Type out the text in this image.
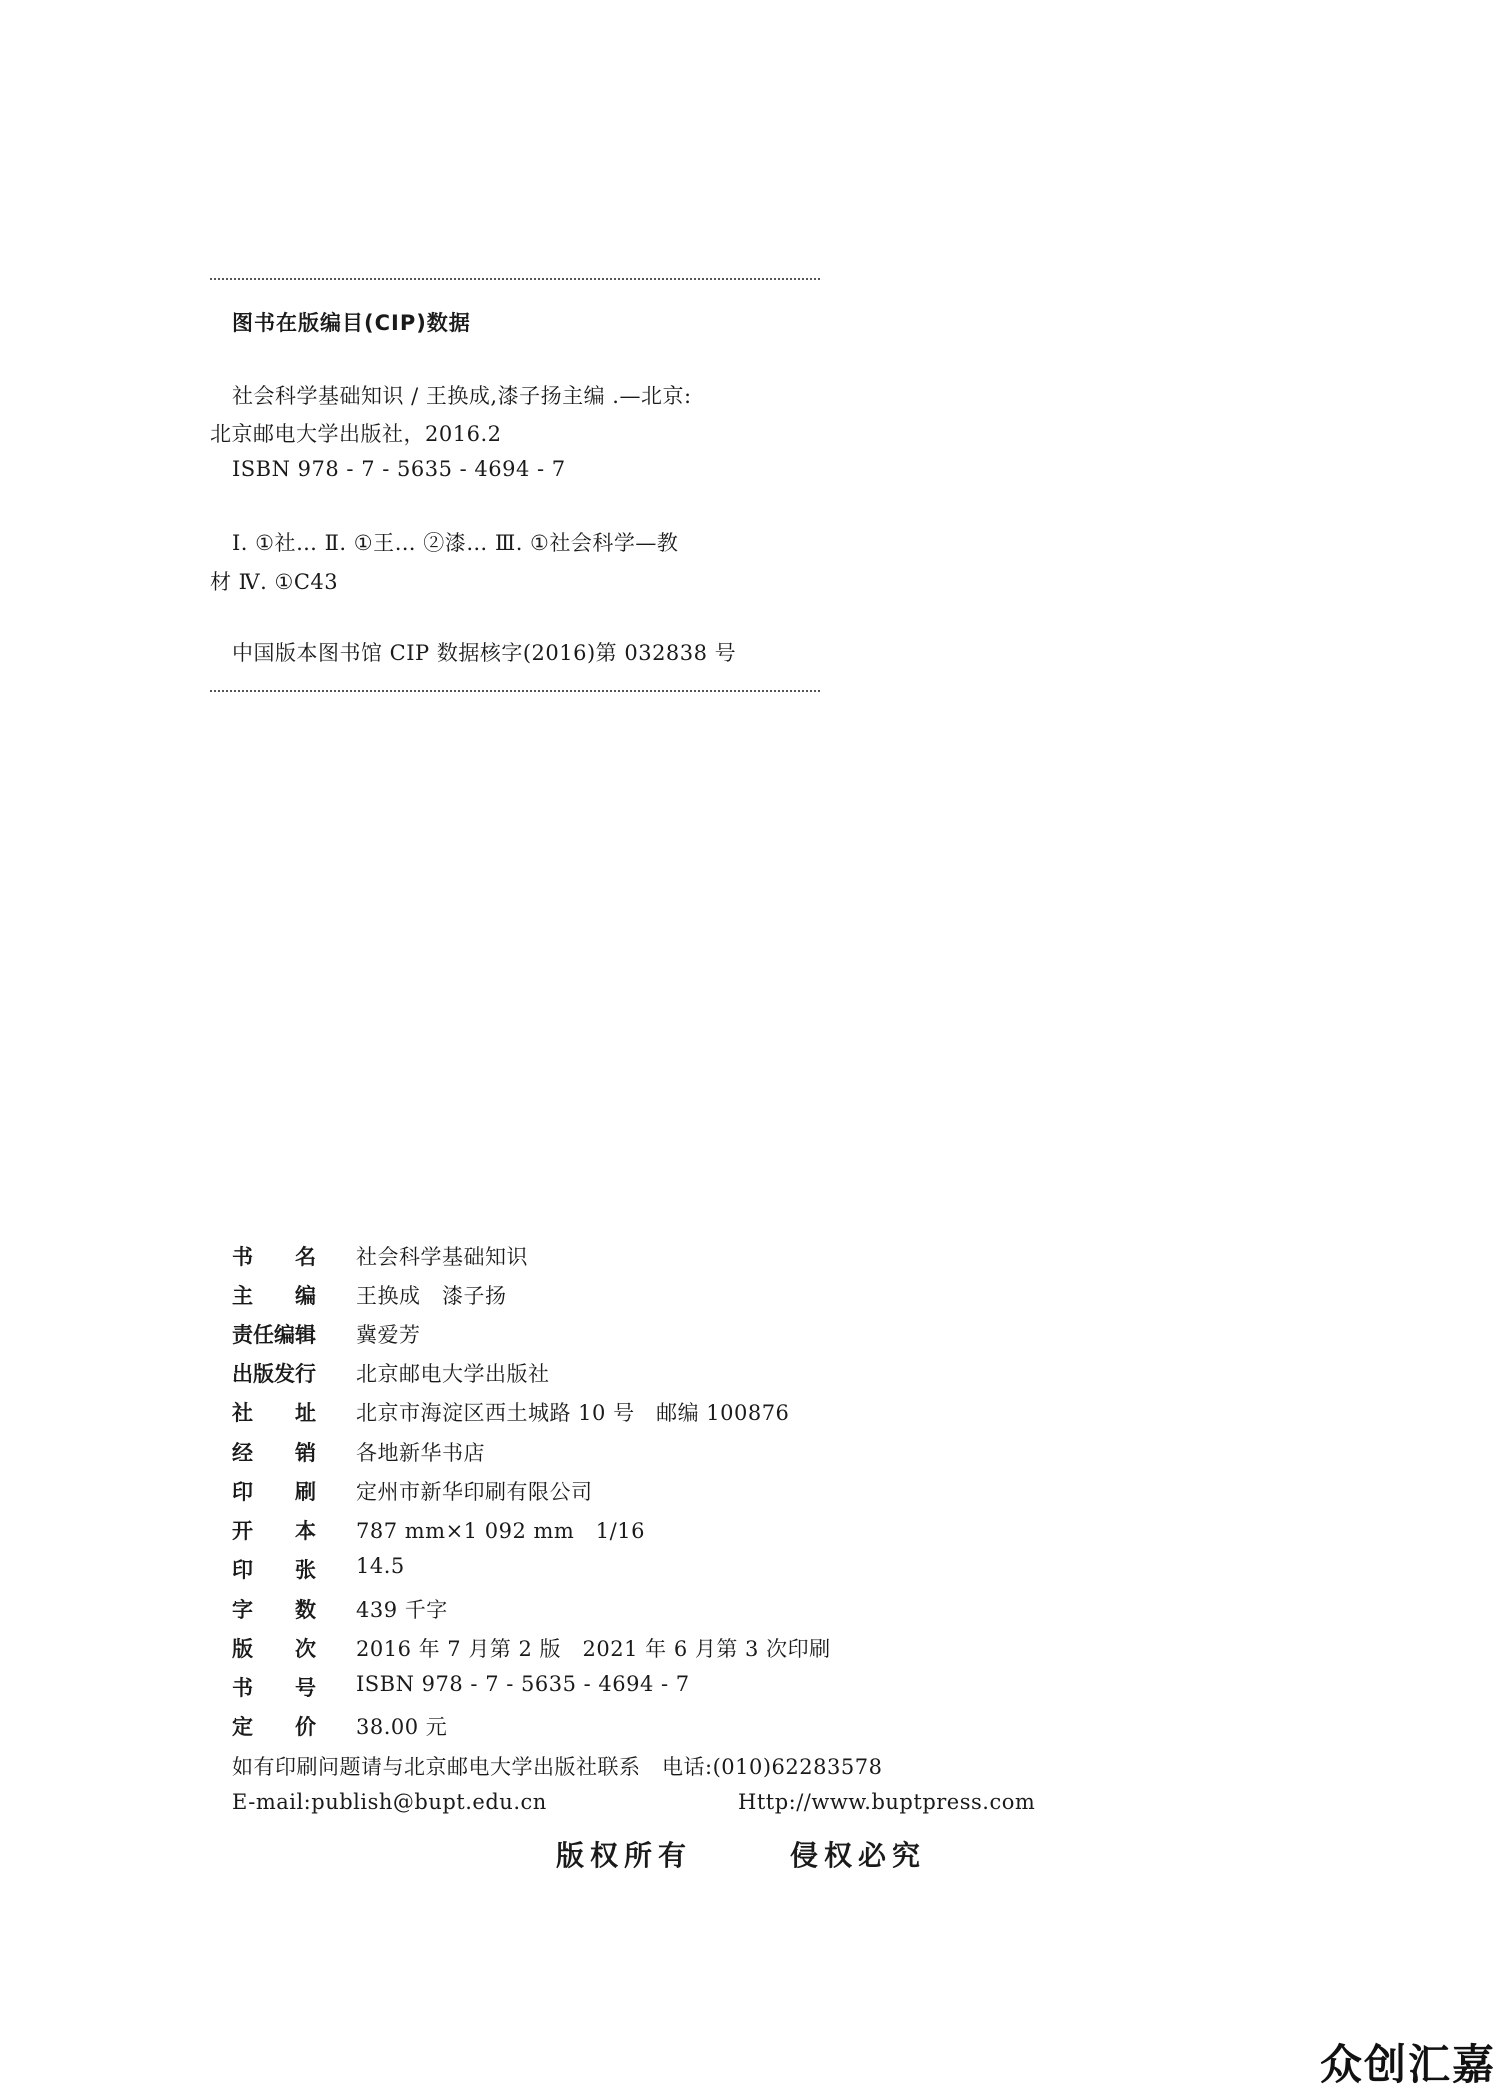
图书在版编目(CIP)数据
社会科学基础知识 / 王换成,漆子扬主编 .—北京:
北京邮电大学出版社，2016.2
ISBN 978 - 7 - 5635 - 4694 - 7
Ⅰ. ①社… Ⅱ. ①王… ②漆… Ⅲ. ①社会科学—教
材 Ⅳ. ①C43
中国版本图书馆 CIP 数据核字(2016)第 032838 号
书　　名	社会科学基础知识
主　　编	王换成　漆子扬
责任编辑	冀爱芳
出版发行	北京邮电大学出版社
社　　址	北京市海淀区西土城路 10 号　邮编 100876
经　　销	各地新华书店
印　　刷	定州市新华印刷有限公司
开　　本	787 mm×1 092 mm　1/16
印　　张	14.5
字　　数	439 千字
版　　次	2016 年 7 月第 2 版　2021 年 6 月第 3 次印刷
书　　号	ISBN 978 - 7 - 5635 - 4694 - 7
定　　价	38.00 元
如有印刷问题请与北京邮电大学出版社联系　电话:(010)62283578
E-mail:publish@bupt.edu.cn	Http://www.buptpress.com
版权所有	侵权必究
众创汇嘉
